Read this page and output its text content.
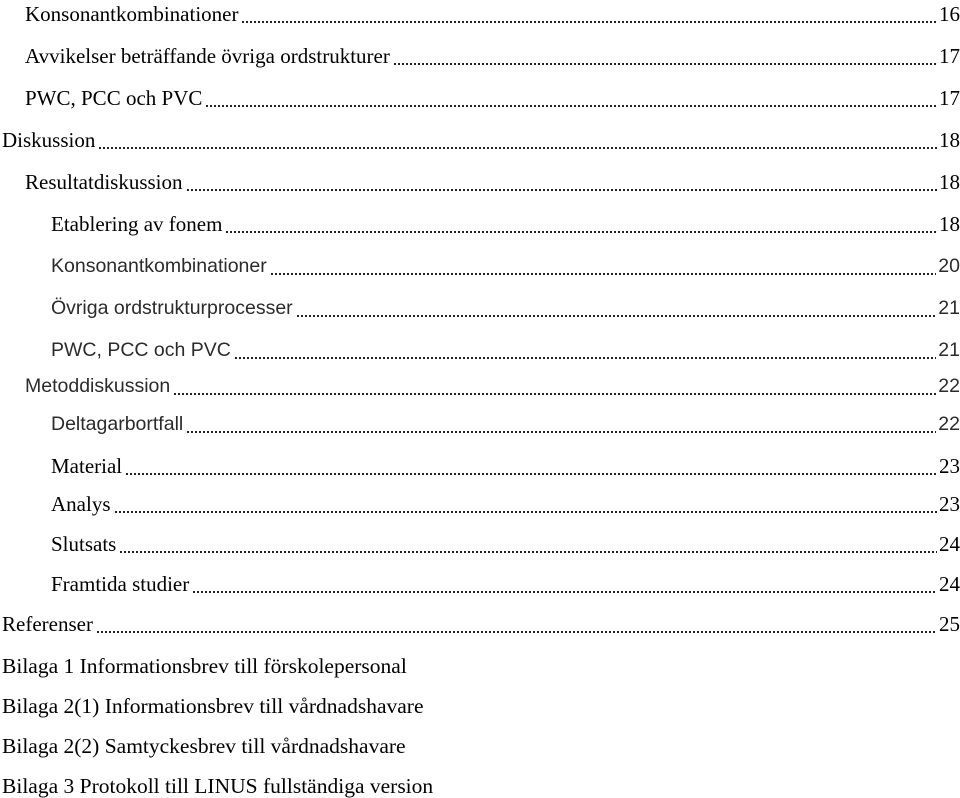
Konsonantkombinationer	16
Avvikelser beträffande övriga ordstrukturer	17
PWC, PCC och PVC	17
Diskussion	18
Resultatdiskussion	18
Etablering av fonem	18
Konsonantkombinationer	20
Övriga ordstrukturprocesser	21
PWC, PCC och PVC	21
Metoddiskussion	22
Deltagarbortfall	22
Material	23
Analys	23
Slutsats	24
Framtida studier	24
Referenser	25
Bilaga 1 Informationsbrev till förskolepersonal
Bilaga 2(1) Informationsbrev till vårdnadshavare
Bilaga 2(2) Samtyckesbrev till vårdnadshavare
Bilaga 3 Protokoll till LINUS fullständiga version
